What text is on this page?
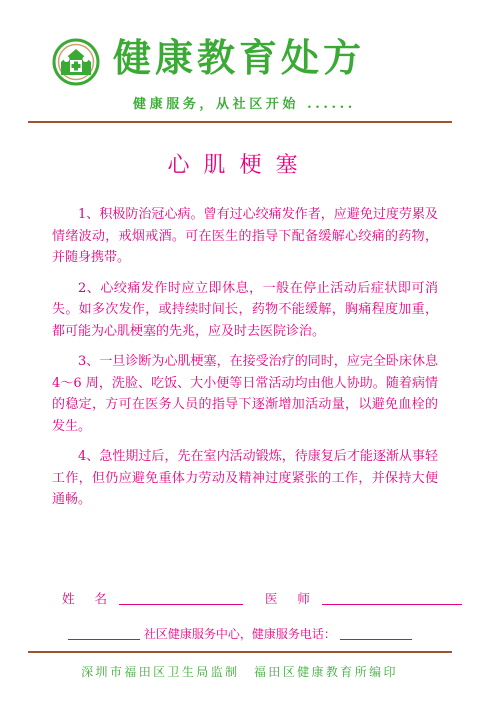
健康教育处方
健康服务，从社区开始 ......
心肌梗塞

1、积极防治冠心病。曾有过心绞痛发作者，应避免过度劳累及情绪波动，戒烟戒酒。可在医生的指导下配备缓解心绞痛的药物，并随身携带。

2、心绞痛发作时应立即休息，一般在停止活动后症状即可消失。如多次发作，或持续时间长，药物不能缓解，胸痛程度加重，都可能为心肌梗塞的先兆，应及时去医院诊治。

3、一旦诊断为心肌梗塞，在接受治疗的同时，应完全卧床休息 4～6 周，洗脸、吃饭、大小便等日常活动均由他人协助。随着病情的稳定，方可在医务人员的指导下逐渐增加活动量，以避免血栓的发生。

4、急性期过后，先在室内活动锻炼，待康复后才能逐渐从事轻工作，但仍应避免重体力劳动及精神过度紧张的工作，并保持大便通畅。

姓 名	医 师
社区健康服务中心，健康服务电话：
深圳市福田区卫生局监制　福田区健康教育所编印
